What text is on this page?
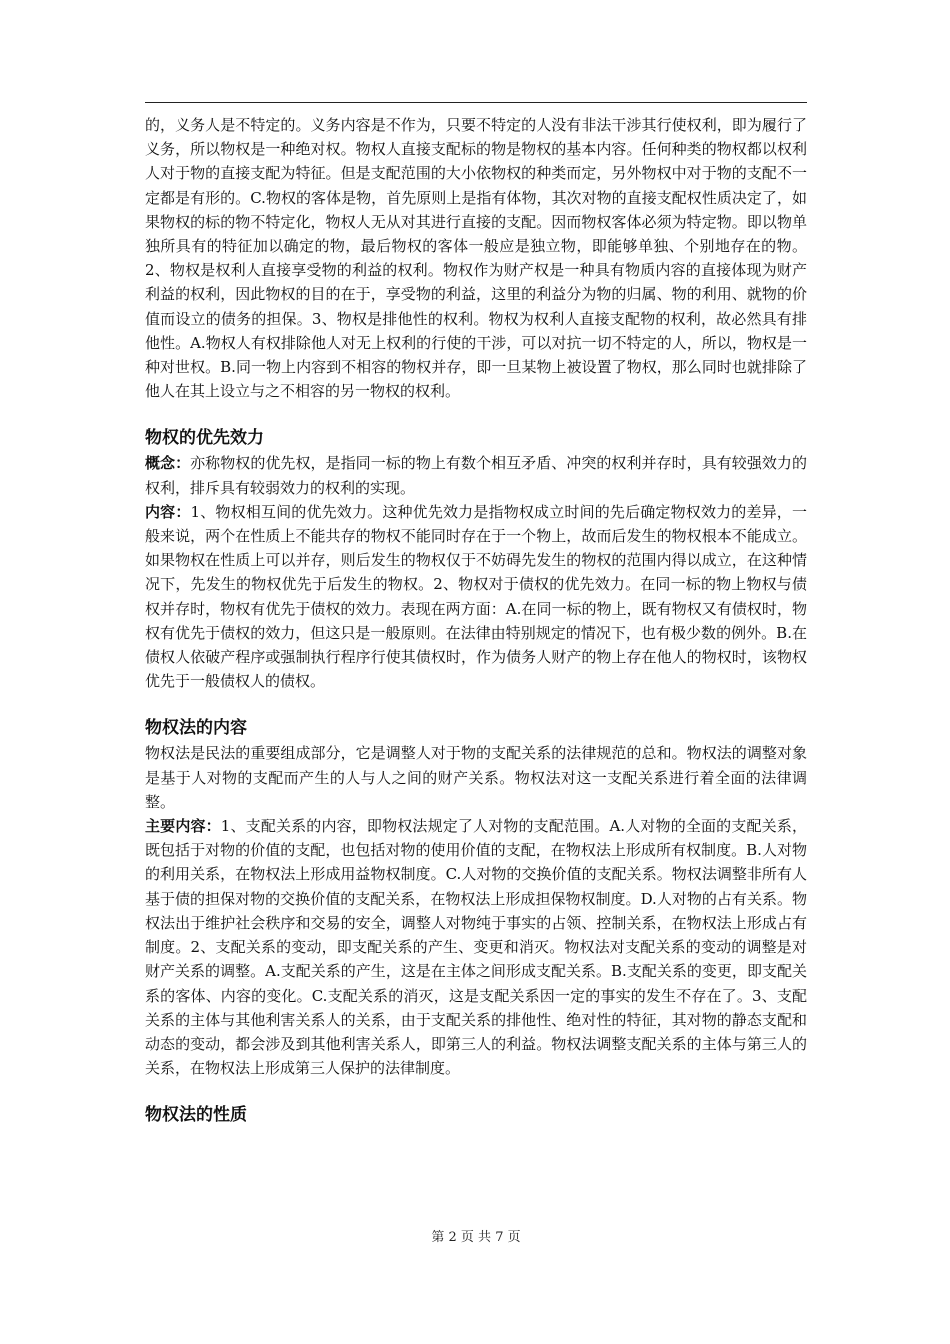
的，义务人是不特定的。义务内容是不作为，只要不特定的人没有非法干涉其行使权利，即为履行了义务，所以物权是一种绝对权。物权人直接支配标的物是物权的基本内容。任何种类的物权都以权利人对于物的直接支配为特征。但是支配范围的大小依物权的种类而定，另外物权中对于物的支配不一定都是有形的。C.物权的客体是物，首先原则上是指有体物，其次对物的直接支配权性质决定了，如果物权的标的物不特定化，物权人无从对其进行直接的支配。因而物权客体必须为特定物。即以物单独所具有的特征加以确定的物，最后物权的客体一般应是独立物，即能够单独、个别地存在的物。2、物权是权利人直接享受物的利益的权利。物权作为财产权是一种具有物质内容的直接体现为财产利益的权利，因此物权的目的在于，享受物的利益，这里的利益分为物的归属、物的利用、就物的价值而设立的债务的担保。3、物权是排他性的权利。物权为权利人直接支配物的权利，故必然具有排他性。A.物权人有权排除他人对无上权利的行使的干涉，可以对抗一切不特定的人，所以，物权是一种对世权。B.同一物上内容到不相容的物权并存，即一旦某物上被设置了物权，那么同时也就排除了他人在其上设立与之不相容的另一物权的权利。

物权的优先效力

概念：亦称物权的优先权，是指同一标的物上有数个相互矛盾、冲突的权利并存时，具有较强效力的权利，排斥具有较弱效力的权利的实现。

内容：1、物权相互间的优先效力。这种优先效力是指物权成立时间的先后确定物权效力的差异，一般来说，两个在性质上不能共存的物权不能同时存在于一个物上，故而后发生的物权根本不能成立。如果物权在性质上可以并存，则后发生的物权仅于不妨碍先发生的物权的范围内得以成立，在这种情况下，先发生的物权优先于后发生的物权。2、物权对于债权的优先效力。在同一标的物上物权与债权并存时，物权有优先于债权的效力。表现在两方面：A.在同一标的物上，既有物权又有债权时，物权有优先于债权的效力，但这只是一般原则。在法律由特别规定的情况下，也有极少数的例外。B.在债权人依破产程序或强制执行程序行使其债权时，作为债务人财产的物上存在他人的物权时，该物权优先于一般债权人的债权。

物权法的内容

物权法是民法的重要组成部分，它是调整人对于物的支配关系的法律规范的总和。物权法的调整对象是基于人对物的支配而产生的人与人之间的财产关系。物权法对这一支配关系进行着全面的法律调整。

主要内容：1、支配关系的内容，即物权法规定了人对物的支配范围。A.人对物的全面的支配关系，既包括于对物的价值的支配，也包括对物的使用价值的支配，在物权法上形成所有权制度。B.人对物的利用关系，在物权法上形成用益物权制度。C.人对物的交换价值的支配关系。物权法调整非所有人基于债的担保对物的交换价值的支配关系，在物权法上形成担保物权制度。D.人对物的占有关系。物权法出于维护社会秩序和交易的安全，调整人对物纯于事实的占领、控制关系，在物权法上形成占有制度。2、支配关系的变动，即支配关系的产生、变更和消灭。物权法对支配关系的变动的调整是对财产关系的调整。A.支配关系的产生，这是在主体之间形成支配关系。B.支配关系的变更，即支配关系的客体、内容的变化。C.支配关系的消灭，这是支配关系因一定的事实的发生不存在了。3、支配关系的主体与其他利害关系人的关系，由于支配关系的排他性、绝对性的特征，其对物的静态支配和动态的变动，都会涉及到其他利害关系人，即第三人的利益。物权法调整支配关系的主体与第三人的关系，在物权法上形成第三人保护的法律制度。

物权法的性质
第 2 页 共 7 页
